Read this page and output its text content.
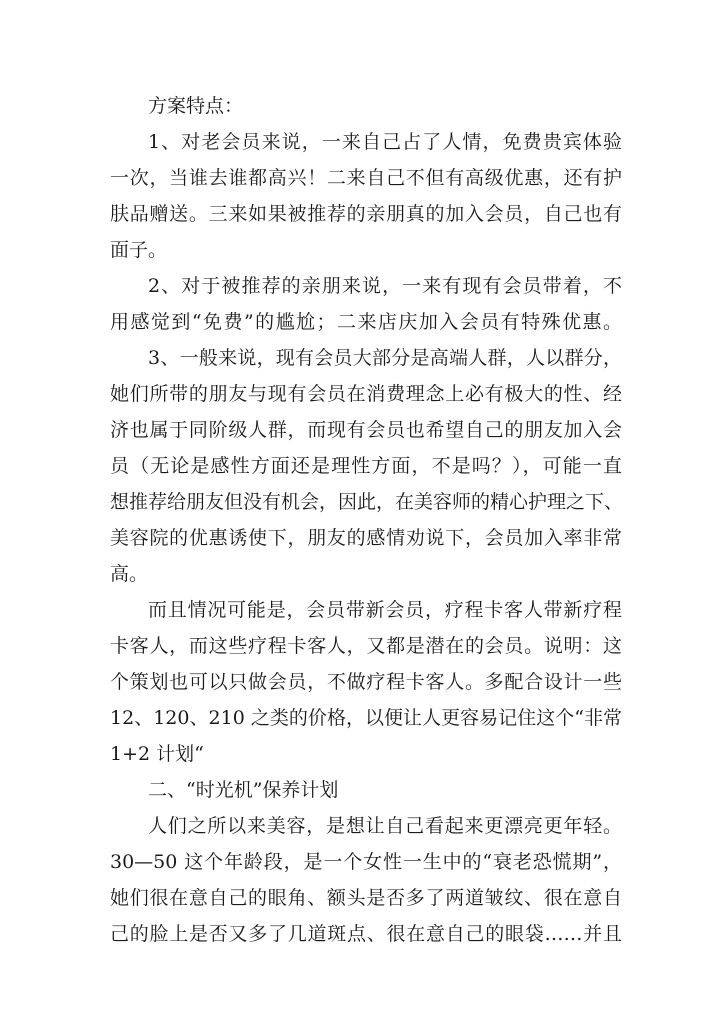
方案特点：
1、对老会员来说，一来自己占了人情，免费贵宾体验
一次，当谁去谁都高兴！二来自己不但有高级优惠，还有护
肤品赠送。三来如果被推荐的亲朋真的加入会员，自己也有
面子。
2、对于被推荐的亲朋来说，一来有现有会员带着，不
用感觉到“免费”的尴尬；二来店庆加入会员有特殊优惠。
3、一般来说，现有会员大部分是高端人群，人以群分，
她们所带的朋友与现有会员在消费理念上必有极大的性、经
济也属于同阶级人群，而现有会员也希望自己的朋友加入会
员（无论是感性方面还是理性方面，不是吗？），可能一直
想推荐给朋友但没有机会，因此，在美容师的精心护理之下、
美容院的优惠诱使下，朋友的感情劝说下，会员加入率非常
高。
而且情况可能是，会员带新会员，疗程卡客人带新疗程
卡客人，而这些疗程卡客人，又都是潜在的会员。说明：这
个策划也可以只做会员，不做疗程卡客人。多配合设计一些
12、120、210 之类的价格，以便让人更容易记住这个“非常
1+2 计划“
二、“时光机”保养计划
人们之所以来美容，是想让自己看起来更漂亮更年轻。
30—50 这个年龄段，是一个女性一生中的“衰老恐慌期”，
她们很在意自己的眼角、额头是否多了两道皱纹、很在意自
己的脸上是否又多了几道斑点、很在意自己的眼袋……并且
